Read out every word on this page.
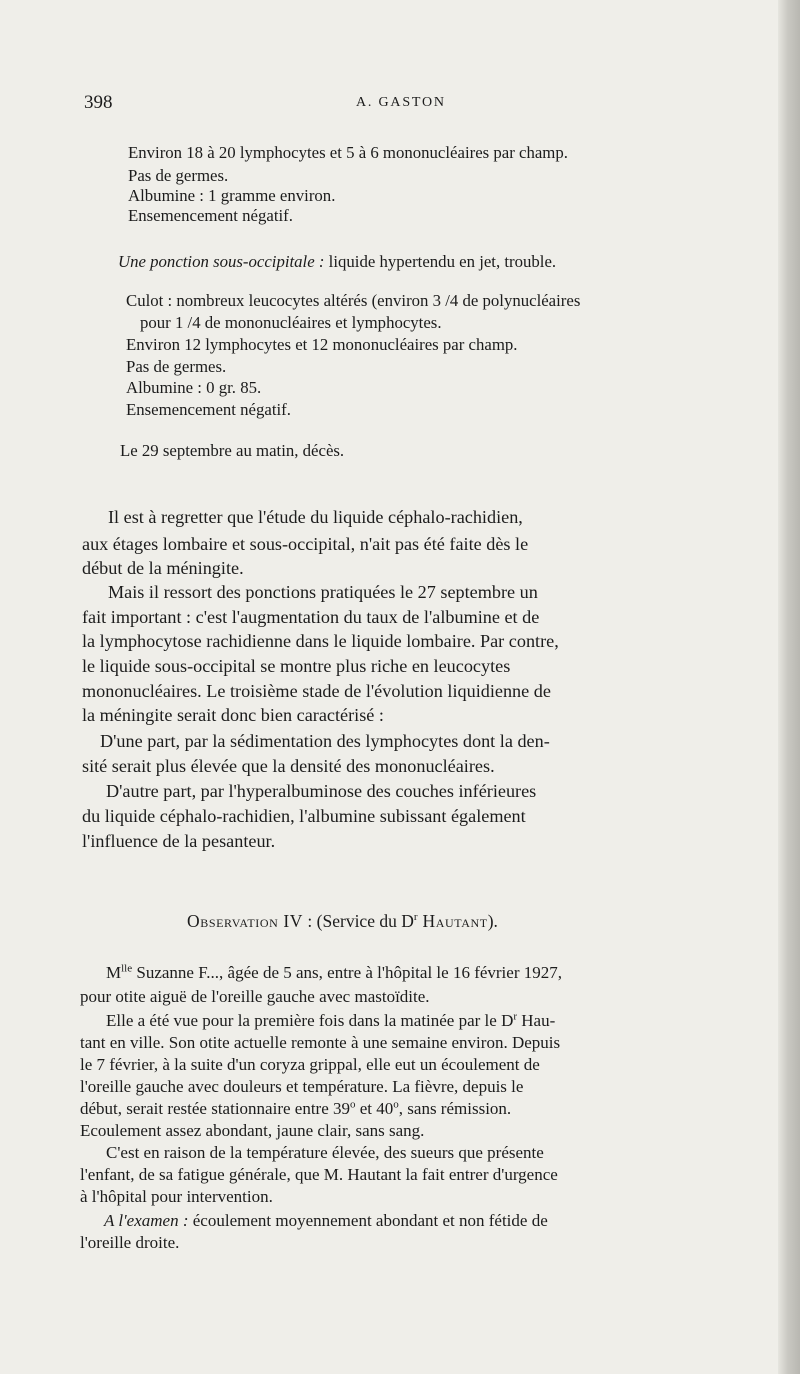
398	A. GASTON

Environ 18 à 20 lymphocytes et 5 à 6 mononucléaires par champ.

Pas de germes.

Albumine : 1 gramme environ.

Ensemencement négatif.

Une ponction sous-occipitale : liquide hypertendu en jet, trouble.

Culot : nombreux leucocytes altérés (environ 3 /4 de polynucléaires

pour 1 /4 de mononucléaires et lymphocytes.

Environ 12 lymphocytes et 12 mononucléaires par champ.

Pas de germes.

Albumine : 0 gr. 85.

Ensemencement négatif.

Le 29 septembre au matin, décès.

Il est à regretter que l'étude du liquide céphalo-rachidien,

aux étages lombaire et sous-occipital, n'ait pas été faite dès le

début de la méningite.

Mais il ressort des ponctions pratiquées le 27 septembre un

fait important : c'est l'augmentation du taux de l'albumine et de

la lymphocytose rachidienne dans le liquide lombaire. Par contre,

le liquide sous-occipital se montre plus riche en leucocytes

mononucléaires. Le troisième stade de l'évolution liquidienne de

la méningite serait donc bien caractérisé :

D'une part, par la sédimentation des lymphocytes dont la den-

sité serait plus élevée que la densité des mononucléaires.

D'autre part, par l'hyperalbuminose des couches inférieures

du liquide céphalo-rachidien, l'albumine subissant également

l'influence de la pesanteur.

Observation IV : (Service du $D^r$ Hautant).

$M^{lle}$ Suzanne F..., âgée de 5 ans, entre à l'hôpital le 16 février 1927,

pour otite aiguë de l'oreille gauche avec mastoïdite.

Elle a été vue pour la première fois dans la matinée par le $D^r$ Hau-

tant en ville. Son otite actuelle remonte à une semaine environ. Depuis

le 7 février, à la suite d'un coryza grippal, elle eut un écoulement de

l'oreille gauche avec douleurs et température. La fièvre, depuis le

début, serait restée stationnaire entre 39$^o$ et 40$^o$, sans rémission.

Ecoulement assez abondant, jaune clair, sans sang.

C'est en raison de la température élevée, des sueurs que présente

l'enfant, de sa fatigue générale, que M. Hautant la fait entrer d'urgence

à l'hôpital pour intervention.

A l'examen : écoulement moyennement abondant et non fétide de

l'oreille droite.
